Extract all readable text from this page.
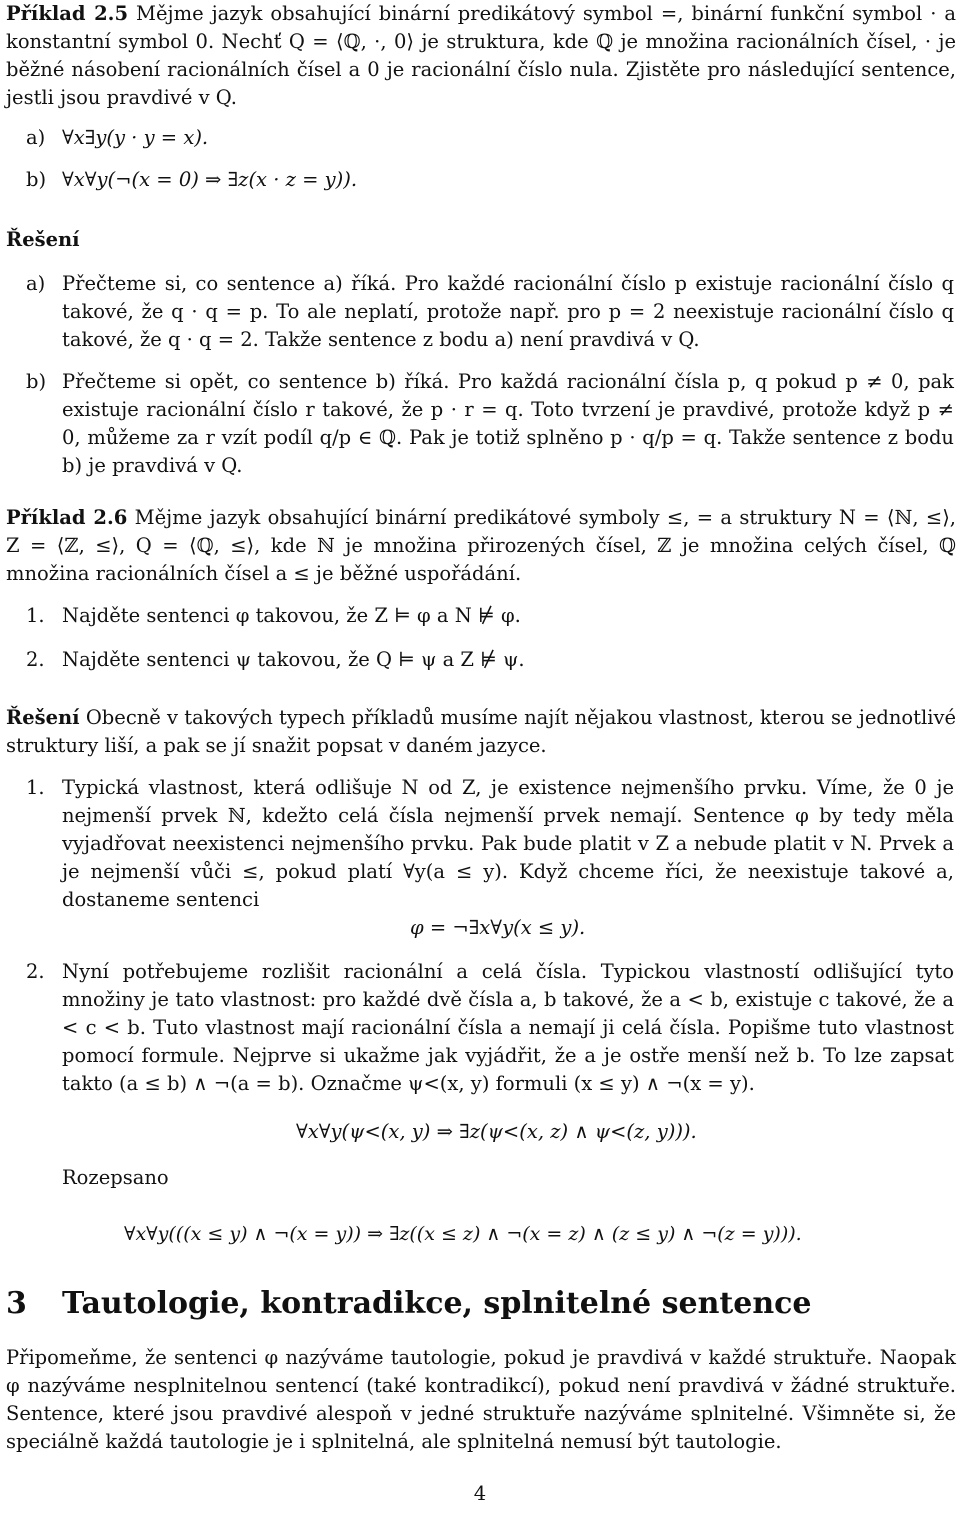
Příklad 2.5 Mějme jazyk obsahující binární predikátový symbol =, binární funkční symbol · a konstantní symbol 0. Nechť Q = ⟨ℚ, ·, 0⟩ je struktura, kde ℚ je množina racionálních čísel, · je běžné násobení racionálních čísel a 0 je racionální číslo nula. Zjistěte pro následující sentence, jestli jsou pravdivé v Q.

a) ∀x∃y(y · y = x).
b) ∀x∀y(¬(x = 0) ⇒ ∃z(x · z = y)).
Řešení
a) Přečteme si, co sentence a) říká. Pro každé racionální číslo p existuje racionální číslo q takové, že q · q = p. To ale neplatí, protože např. pro p = 2 neexistuje racionální číslo q takové, že q · q = 2. Takže sentence z bodu a) není pravdivá v Q.

b) Přečteme si opět, co sentence b) říká. Pro každá racionální čísla p, q pokud p ≠ 0, pak existuje racionální číslo r takové, že p · r = q. Toto tvrzení je pravdivé, protože když p ≠ 0, můžeme za r vzít podíl q/p ∈ ℚ. Pak je totiž splněno p · q/p = q. Takže sentence z bodu b) je pravdivá v Q.

Příklad 2.6 Mějme jazyk obsahující binární predikátové symboly ≤, = a struktury N = ⟨ℕ, ≤⟩, Z = ⟨ℤ, ≤⟩, Q = ⟨ℚ, ≤⟩, kde ℕ je množina přirozených čísel, ℤ je množina celých čísel, ℚ množina racionálních čísel a ≤ je běžné uspořádání.

1. Najděte sentenci φ takovou, že Z ⊨ φ a N ⊭ φ.

2. Najděte sentenci ψ takovou, že Q ⊨ ψ a Z ⊭ ψ.

Řešení Obecně v takových typech příkladů musíme najít nějakou vlastnost, kterou se jednotlivé struktury liší, a pak se jí snažit popsat v daném jazyce.

1. Typická vlastnost, která odlišuje N od Z, je existence nejmenšího prvku. Víme, že 0 je nejmenší prvek ℕ, kdežto celá čísla nejmenší prvek nemají. Sentence φ by tedy měla vyjadřovat neexistenci nejmenšího prvku. Pak bude platit v Z a nebude platit v N. Prvek a je nejmenší vůči ≤, pokud platí ∀y(a ≤ y). Když chceme říci, že neexistuje takové a, dostaneme sentenci

φ = ¬∃x∀y(x ≤ y).
2. Nyní potřebujeme rozlišit racionální a celá čísla. Typickou vlastností odlišující tyto množiny je tato vlastnost: pro každé dvě čísla a, b takové, že a < b, existuje c takové, že a < c < b. Tuto vlastnost mají racionální čísla a nemají ji celá čísla. Popišme tuto vlastnost pomocí formule. Nejprve si ukažme jak vyjádřit, že a je ostře menší než b. To lze zapsat takto (a ≤ b) ∧ ¬(a = b). Označme ψ<(x, y) formuli (x ≤ y) ∧ ¬(x = y).

∀x∀y(ψ<(x, y) ⇒ ∃z(ψ<(x, z) ∧ ψ<(z, y))).
Rozepsano
∀x∀y(((x ≤ y) ∧ ¬(x = y)) ⇒ ∃z((x ≤ z) ∧ ¬(x = z) ∧ (z ≤ y) ∧ ¬(z = y))).
3 Tautologie, kontradikce, splnitelné sentence

Připomeňme, že sentenci φ nazýváme tautologie, pokud je pravdivá v každé struktuře. Naopak φ nazýváme nesplnitelnou sentencí (také kontradikcí), pokud není pravdivá v žádné struktuře. Sentence, které jsou pravdivé alespoň v jedné struktuře nazýváme splnitelné. Všimněte si, že speciálně každá tautologie je i splnitelná, ale splnitelná nemusí být tautologie.

4
